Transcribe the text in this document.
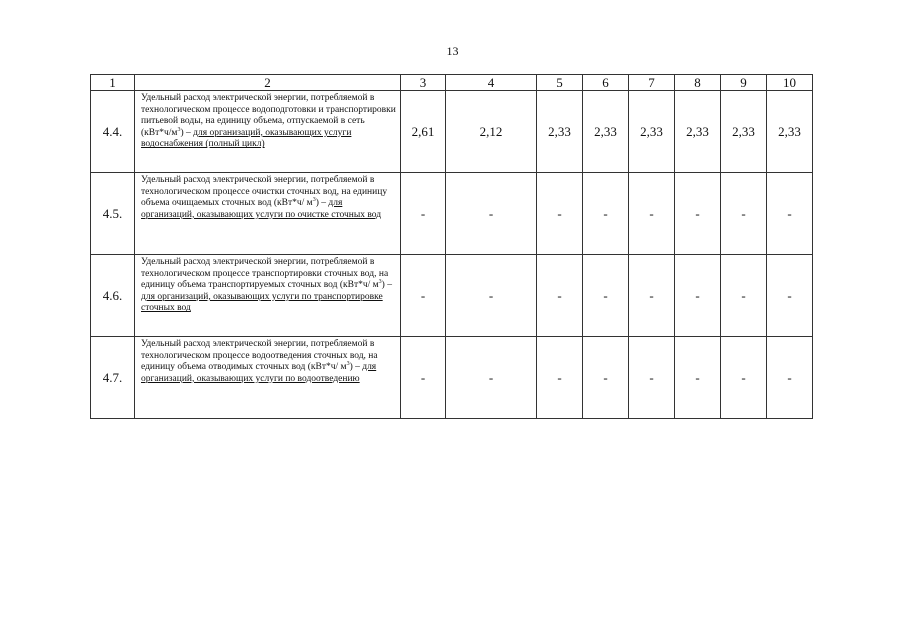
13
1	2	3	4	5	6	7	8	9	10
4.4.	Удельный расход электрической энергии, потребляемой в технологическом процессе водоподготовки и транспортировки питьевой воды, на единицу объема, отпускаемой в сеть $(кВт*ч/м^3)$ – для организаций, оказывающих услуги водоснабжения (полный цикл)	2,61	2,12	2,33	2,33	2,33	2,33	2,33	2,33
4.5.	Удельный расход электрической энергии, потребляемой в технологическом процессе очистки сточных вод, на единицу объема очищаемых сточных вод (кВт*ч/ $м^3$) – для организаций, оказывающих услуги по очистке сточных вод	-	-	-	-	-	-	-	-
4.6.	Удельный расход электрической энергии, потребляемой в технологическом процессе транспортировки сточных вод, на единицу объема транспортируемых сточных вод (кВт*ч/ $м^3$) – для организаций, оказывающих услуги по транспортировке сточных вод	-	-	-	-	-	-	-	-
4.7.	Удельный расход электрической энергии, потребляемой в технологическом процессе водоотведения сточных вод, на единицу объема отводимых сточных вод (кВт*ч/ $м^3$) – для организаций, оказывающих услуги по водоотведению	-	-	-	-	-	-	-	-
